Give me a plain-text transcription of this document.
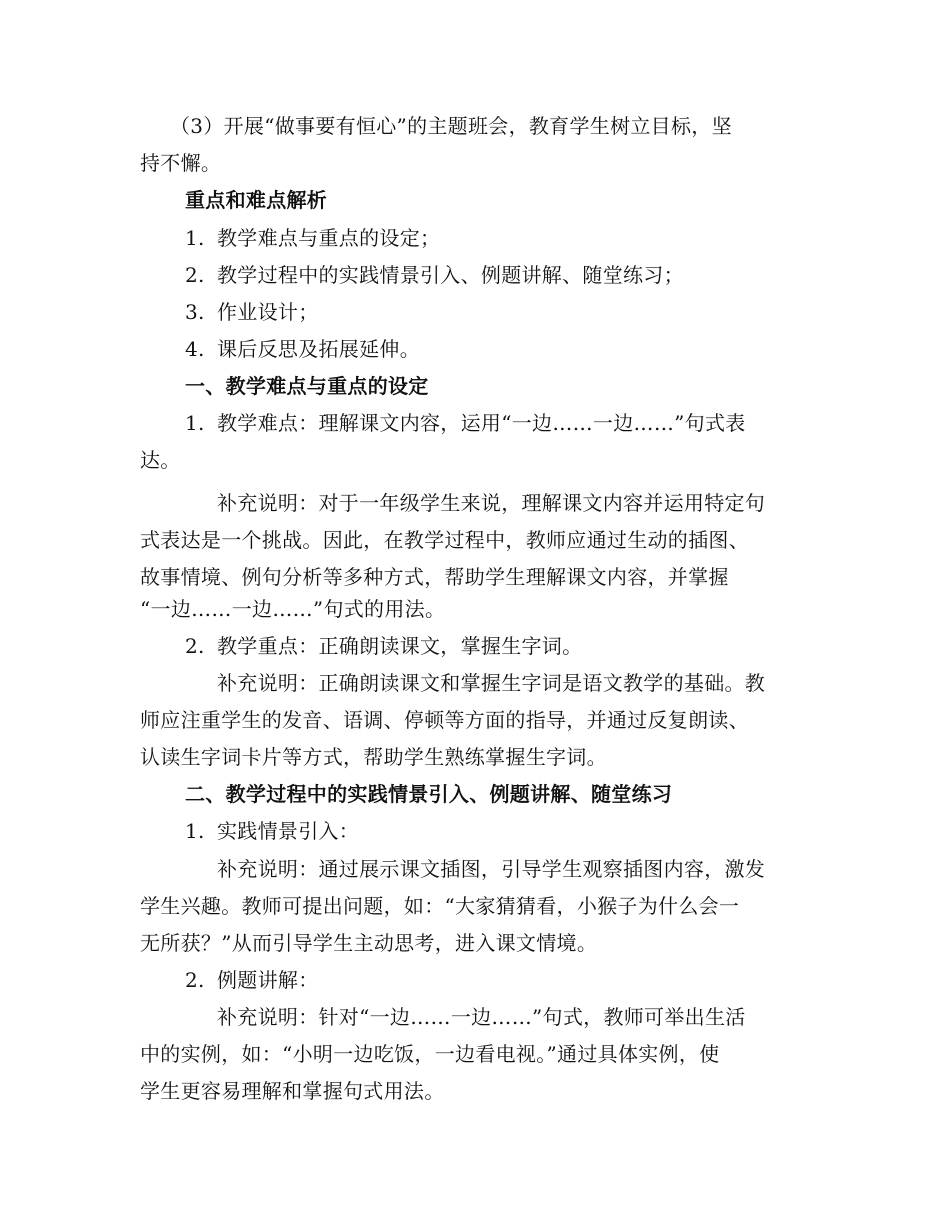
（3）开展“做事要有恒心”的主题班会，教育学生树立目标，坚
持不懈。
重点和难点解析
1. 教学难点与重点的设定；
2. 教学过程中的实践情景引入、例题讲解、随堂练习；
3. 作业设计；
4. 课后反思及拓展延伸。
一、教学难点与重点的设定
1. 教学难点：理解课文内容，运用“一边……一边……”句式表
达。
补充说明：对于一年级学生来说，理解课文内容并运用特定句
式表达是一个挑战。因此，在教学过程中，教师应通过生动的插图、
故事情境、例句分析等多种方式，帮助学生理解课文内容，并掌握
“一边……一边……”句式的用法。
2. 教学重点：正确朗读课文，掌握生字词。
补充说明：正确朗读课文和掌握生字词是语文教学的基础。教
师应注重学生的发音、语调、停顿等方面的指导，并通过反复朗读、
认读生字词卡片等方式，帮助学生熟练掌握生字词。
二、教学过程中的实践情景引入、例题讲解、随堂练习
1. 实践情景引入：
补充说明：通过展示课文插图，引导学生观察插图内容，激发
学生兴趣。教师可提出问题，如：“大家猜猜看，小猴子为什么会一
无所获？”从而引导学生主动思考，进入课文情境。
2. 例题讲解：
补充说明：针对“一边……一边……”句式，教师可举出生活
中的实例，如：“小明一边吃饭，一边看电视。”通过具体实例，使
学生更容易理解和掌握句式用法。
